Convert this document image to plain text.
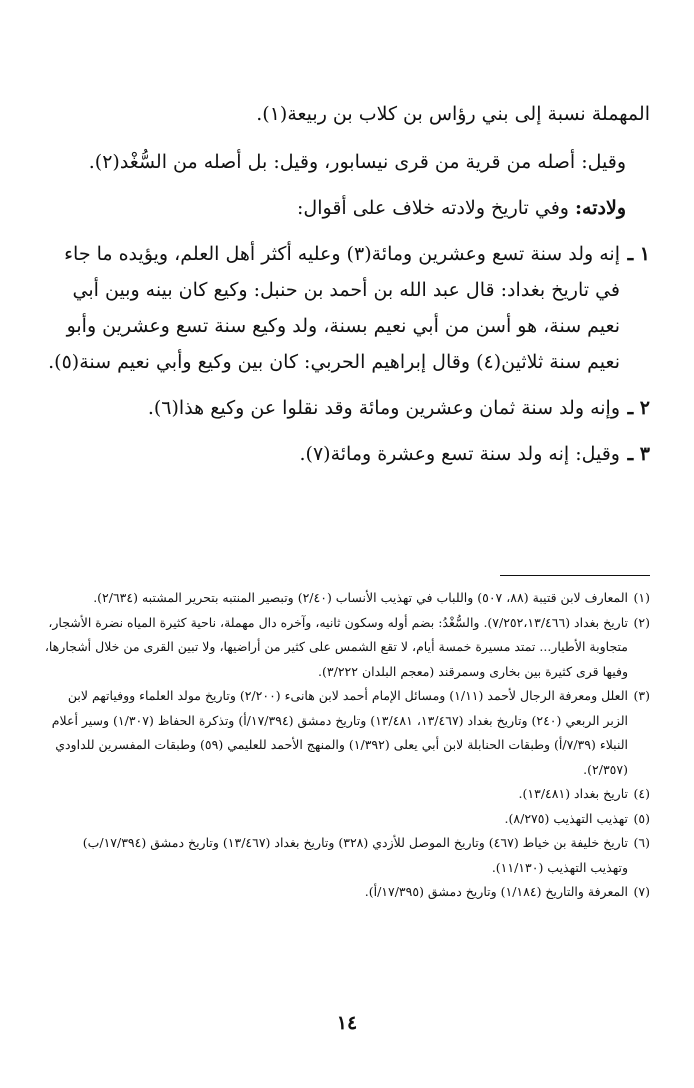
المهملة نسبة إلى بني رؤاس بن كلاب بن ربيعة(١).

وقيل: أصله من قرية من قرى نيسابور، وقيل: بل أصله من السُّغْد(٢).

ولادته: وفي تاريخ ولادته خلاف على أقوال:

١ ـ
إنه ولد سنة تسع وعشرين ومائة(٣) وعليه أكثر أهل العلم، ويؤيده ما جاء في تاريخ بغداد: قال عبد الله بن أحمد بن حنبل: وكيع كان بينه وبين أبي نعيم سنة، هو أسن من أبي نعيم بسنة، ولد وكيع سنة تسع وعشرين وأبو نعيم سنة ثلاثين(٤) وقال إبراهيم الحربي: كان بين وكيع وأبي نعيم سنة(٥).
٢ ـ
وإنه ولد سنة ثمان وعشرين ومائة وقد نقلوا عن وكيع هذا(٦).
٣ ـ
وقيل: إنه ولد سنة تسع وعشرة ومائة(٧).
(١)
المعارف لابن قتيبة (٨٨، ٥٠٧) واللباب في تهذيب الأنساب (٢/٤٠) وتبصير المنتبه بتحرير المشتبه (٢/٦٣٤).
(٢)
تاريخ بغداد (٧/٢٥٢،١٣/٤٦٦). والسُّغْدُ: بضم أوله وسكون ثانيه، وآخره دال مهملة، ناحية كثيرة المياه نضرة الأشجار، متجاوبة الأطيار... تمتد مسيرة خمسة أيام، لا تقع الشمس على كثير من أراضيها، ولا تبين القرى من خلال أشجارها، وفيها قرى كثيرة بين بخارى وسمرقند (معجم البلدان ٣/٢٢٢).
(٣)
العلل ومعرفة الرجال لأحمد (١/١١) ومسائل الإمام أحمد لابن هانىء (٢/٢٠٠) وتاريخ مولد العلماء ووفياتهم لابن الزبر الربعي (٢٤٠) وتاريخ بغداد (١٣/٤٦٧، ١٣/٤٨١) وتاريخ دمشق (١٧/٣٩٤/أ) وتذكرة الحفاظ (١/٣٠٧) وسير أعلام النبلاء (٧/٣٩/أ) وطبقات الحنابلة لابن أبي يعلى (١/٣٩٢) والمنهج الأحمد للعليمي (٥٩) وطبقات المفسرين للداودي (٢/٣٥٧).
(٤)
تاريخ بغداد (١٣/٤٨١).
(٥)
تهذيب التهذيب (٨/٢٧٥).
(٦)
تاريخ خليفة بن خياط (٤٦٧) وتاريخ الموصل للأزدي (٣٢٨) وتاريخ بغداد (١٣/٤٦٧) وتاريخ دمشق (١٧/٣٩٤/ب) وتهذيب التهذيب (١١/١٣٠).
(٧)
المعرفة والتاريخ (١/١٨٤) وتاريخ دمشق (١٧/٣٩٥/أ).
١٤
